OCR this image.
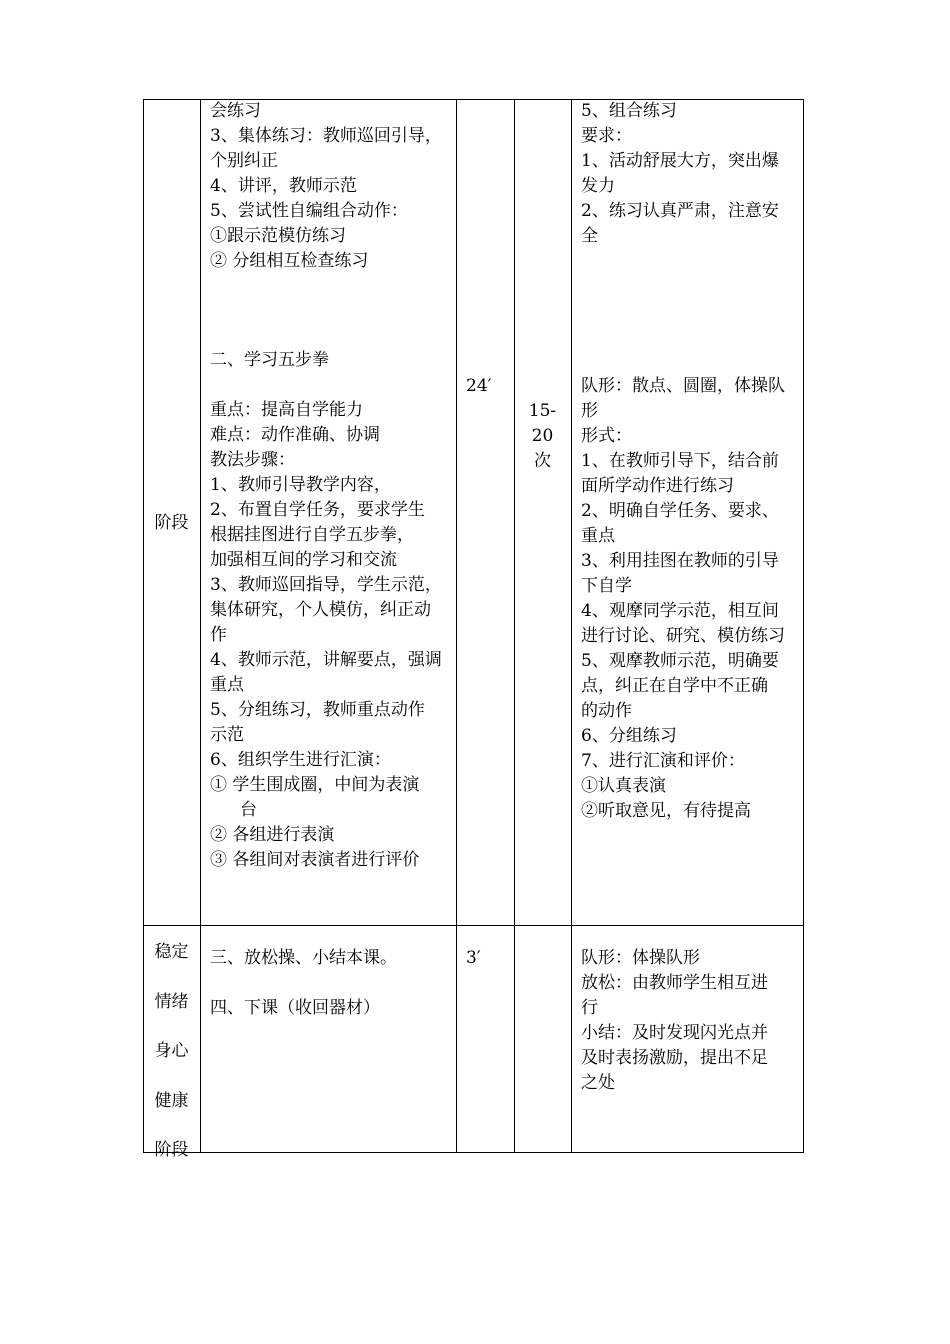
阶段
会练习
3、集体练习：教师巡回引导，
个别纠正
4、讲评，教师示范
5、尝试性自编组合动作：
①跟示范模仿练习
② 分组相互检查练习
二、学习五步拳
重点：提高自学能力
难点：动作准确、协调
教法步骤：
1、教师引导教学内容，
2、布置自学任务，要求学生
根据挂图进行自学五步拳，
加强相互间的学习和交流
3、教师巡回指导，学生示范，
集体研究，个人模仿，纠正动
作
4、教师示范，讲解要点，强调
重点
5、分组练习，教师重点动作
示范
6、组织学生进行汇演：
① 学生围成圈，中间为表演
台
② 各组进行表演
③ 各组间对表演者进行评价
24′
15-
20
次
5、组合练习
要求：
1、活动舒展大方，突出爆
发力
2、练习认真严肃，注意安
全
队形：散点、圆圈，体操队
形
形式：
1、在教师引导下，结合前
面所学动作进行练习
2、明确自学任务、要求、
重点
3、利用挂图在教师的引导
下自学
4、观摩同学示范，相互间
进行讨论、研究、模仿练习
5、观摩教师示范，明确要
点，纠正在自学中不正确
的动作
6、分组练习
7、进行汇演和评价：
①认真表演
②听取意见，有待提高
稳定
情绪
身心
健康
阶段
三、放松操、小结本课。
四、下课（收回器材）
3′	队形：体操队形
放松：由教师学生相互进
行
小结：及时发现闪光点并
及时表扬激励，提出不足
之处
